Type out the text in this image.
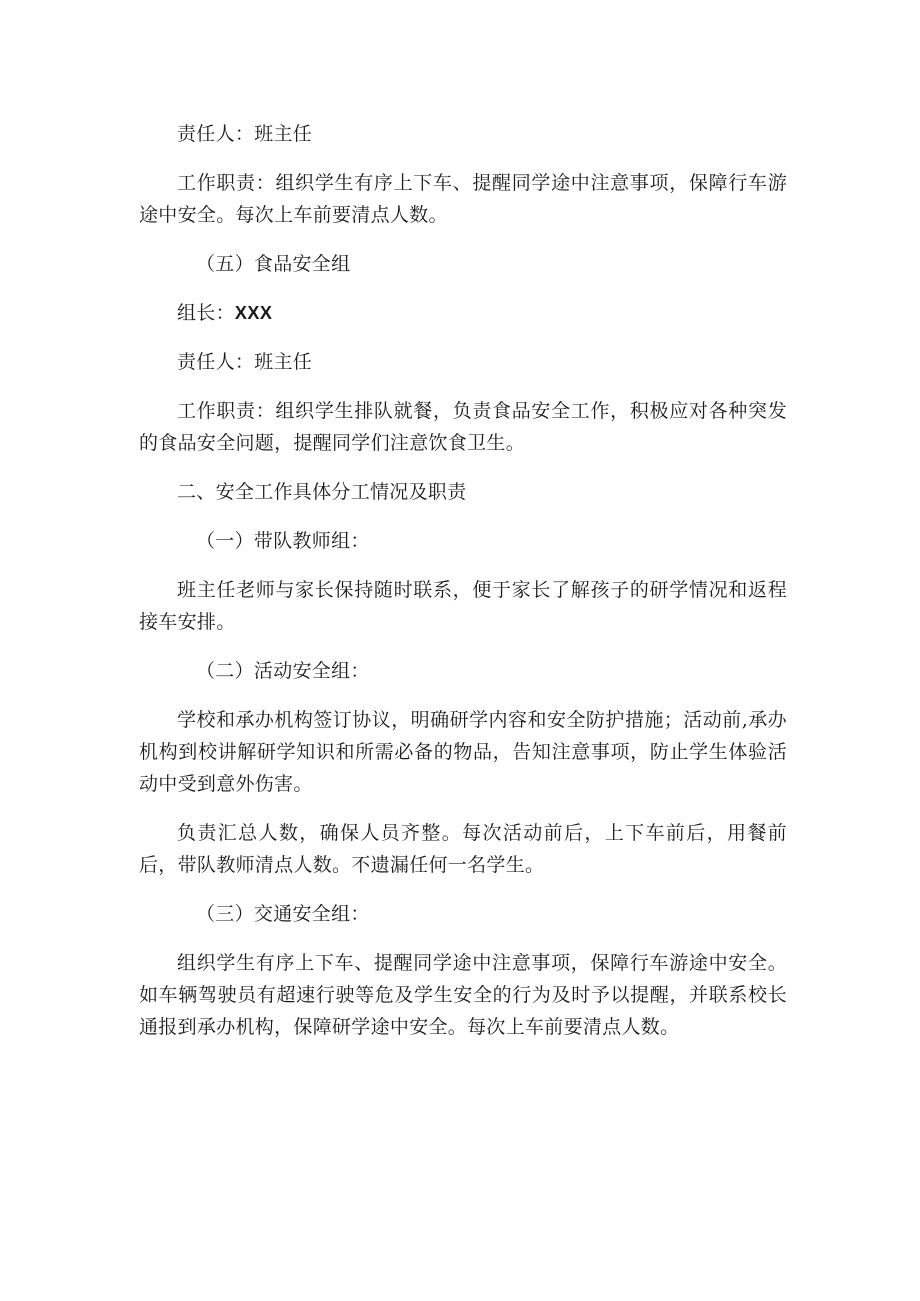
责任人：班主任

工作职责：组织学生有序上下车、提醒同学途中注意事项，保障行车游途中安全。每次上车前要清点人数。

（五）食品安全组

组长：XXX

责任人：班主任

工作职责：组织学生排队就餐，负责食品安全工作，积极应对各种突发的食品安全问题，提醒同学们注意饮食卫生。

二、安全工作具体分工情况及职责

（一）带队教师组：

班主任老师与家长保持随时联系，便于家长了解孩子的研学情况和返程接车安排。

（二）活动安全组：

学校和承办机构签订协议，明确研学内容和安全防护措施；活动前,承办机构到校讲解研学知识和所需必备的物品，告知注意事项，防止学生体验活动中受到意外伤害。

负责汇总人数，确保人员齐整。每次活动前后，上下车前后，用餐前后，带队教师清点人数。不遗漏任何一名学生。

（三）交通安全组：

组织学生有序上下车、提醒同学途中注意事项，保障行车游途中安全。如车辆驾驶员有超速行驶等危及学生安全的行为及时予以提醒，并联系校长通报到承办机构，保障研学途中安全。每次上车前要清点人数。
